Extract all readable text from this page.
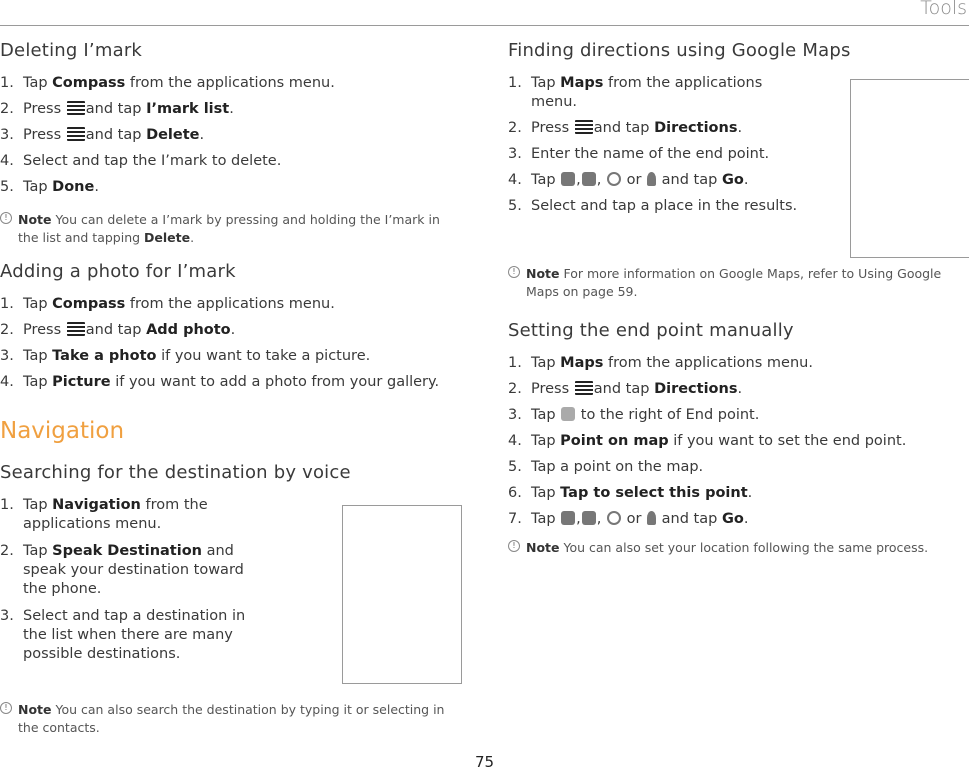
Tools
Deleting I’mark
1. Tap Compass from the applications menu.
2. Press and tap I’mark list.
3. Press and tap Delete.
4. Select and tap the I’mark to delete.
5. Tap Done.
! Note You can delete a I’mark by pressing and holding the I’mark in the list and tapping Delete.
Adding a photo for I’mark
1. Tap Compass from the applications menu.
2. Press and tap Add photo.
3. Tap Take a photo if you want to take a picture.
4. Tap Picture if you want to add a photo from your gallery.
Navigation
Searching for the destination by voice
1. Tap Navigation from the applications menu.
2. Tap Speak Destination and speak your destination toward the phone.
3. Select and tap a destination in the list when there are many possible destinations.
! Note You can also search the destination by typing it or selecting in the contacts.
Finding directions using Google Maps
1. Tap Maps from the applications menu.
2. Press and tap Directions.
3. Enter the name of the end point.
4. Tap , ,  or  and tap Go.
5. Select and tap a place in the results.
! Note For more information on Google Maps, refer to Using Google Maps on page 59.
Setting the end point manually
1. Tap Maps from the applications menu.
2. Press and tap Directions.
3. Tap  to the right of End point.
4. Tap Point on map if you want to set the end point.
5. Tap a point on the map.
6. Tap Tap to select this point.
7. Tap , ,  or  and tap Go.
! Note You can also set your location following the same process.
75
